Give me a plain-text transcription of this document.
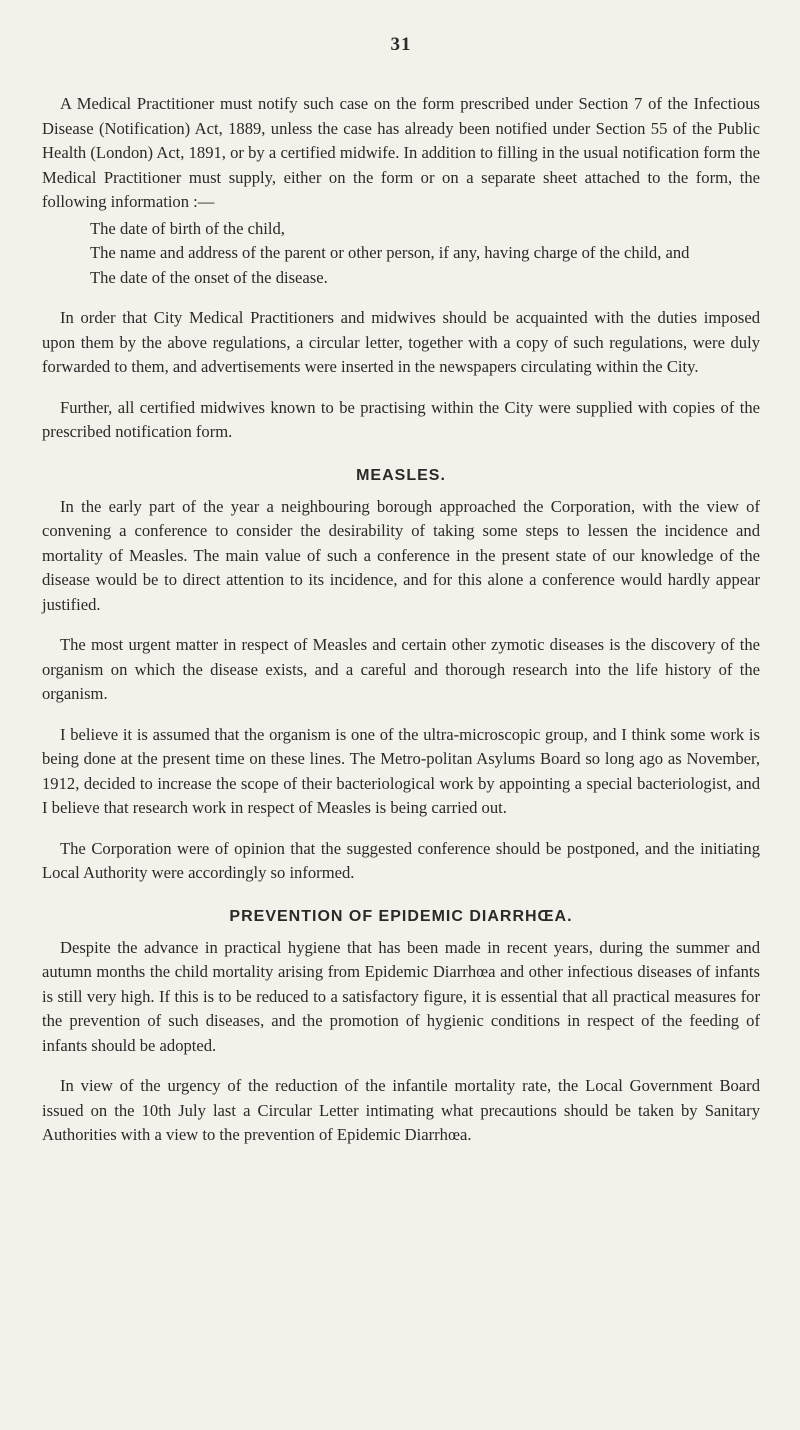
31

A Medical Practitioner must notify such case on the form prescribed under Section 7 of the Infectious Disease (Notification) Act, 1889, unless the case has already been notified under Section 55 of the Public Health (London) Act, 1891, or by a certified midwife. In addition to filling in the usual notification form the Medical Practitioner must supply, either on the form or on a separate sheet attached to the form, the following information :—

The date of birth of the child,
The name and address of the parent or other person, if any, having charge of the child, and
The date of the onset of the disease.

In order that City Medical Practitioners and midwives should be acquainted with the duties imposed upon them by the above regulations, a circular letter, together with a copy of such regulations, were duly forwarded to them, and advertisements were inserted in the newspapers circulating within the City.

Further, all certified midwives known to be practising within the City were supplied with copies of the prescribed notification form.

MEASLES.

In the early part of the year a neighbouring borough approached the Corporation, with the view of convening a conference to consider the desirability of taking some steps to lessen the incidence and mortality of Measles. The main value of such a conference in the present state of our knowledge of the disease would be to direct attention to its incidence, and for this alone a conference would hardly appear justified.

The most urgent matter in respect of Measles and certain other zymotic diseases is the discovery of the organism on which the disease exists, and a careful and thorough research into the life history of the organism.

I believe it is assumed that the organism is one of the ultra-microscopic group, and I think some work is being done at the present time on these lines. The Metro-politan Asylums Board so long ago as November, 1912, decided to increase the scope of their bacteriological work by appointing a special bacteriologist, and I believe that research work in respect of Measles is being carried out.

The Corporation were of opinion that the suggested conference should be postponed, and the initiating Local Authority were accordingly so informed.

PREVENTION OF EPIDEMIC DIARRHŒA.

Despite the advance in practical hygiene that has been made in recent years, during the summer and autumn months the child mortality arising from Epidemic Diarrhœa and other infectious diseases of infants is still very high. If this is to be reduced to a satisfactory figure, it is essential that all practical measures for the prevention of such diseases, and the promotion of hygienic conditions in respect of the feeding of infants should be adopted.

In view of the urgency of the reduction of the infantile mortality rate, the Local Government Board issued on the 10th July last a Circular Letter intimating what precautions should be taken by Sanitary Authorities with a view to the prevention of Epidemic Diarrhœa.
